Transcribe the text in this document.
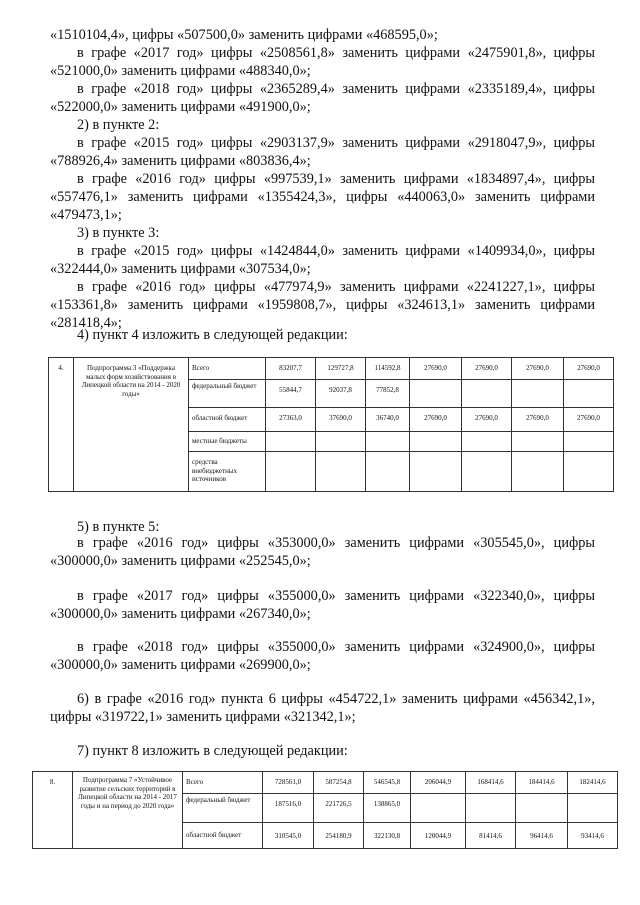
«1510104,4», цифры «507500,0» заменить цифрами «468595,0»;

в графе «2017 год» цифры «2508561,8» заменить цифрами «2475901,8», цифры «521000,0» заменить цифрами «488340,0»;

в графе «2018 год» цифры «2365289,4» заменить цифрами «2335189,4», цифры «522000,0» заменить цифрами «491900,0»;

2) в пункте 2:

в графе «2015 год» цифры «2903137,9» заменить цифрами «2918047,9», цифры «788926,4» заменить цифрами «803836,4»;

в графе «2016 год» цифры «997539,1» заменить цифрами «1834897,4», цифры «557476,1» заменить цифрами «1355424,3», цифры «440063,0» заменить цифрами «479473,1»;

3) в пункте 3:

в графе «2015 год» цифры «1424844,0» заменить цифрами «1409934,0», цифры «322444,0» заменить цифрами «307534,0»;

в графе «2016 год» цифры «477974,9» заменить цифрами «2241227,1», цифры «153361,8» заменить цифрами «1959808,7», цифры «324613,1» заменить цифрами «281418,4»;

4) пункт 4 изложить в следующей редакции:

4.	Подпрограмма 3 «Поддержка малых форм хозяйствования в Липецкой области на 2014 - 2020 годы»	Всего	83207,7	129727,8	114592,8	27690,0	27690,0	27690,0	27690,0
		федеральный бюджет	55844,7	92037,8	77852,8				
		областной бюджет	27363,0	37690,0	36740,0	27690,0	27690,0	27690,0	27690,0
		местные бюджеты							
		средства внебюджетных источников							

5) в пункте 5:

в графе «2016 год» цифры «353000,0» заменить цифрами «305545,0», цифры «300000,0» заменить цифрами «252545,0»;

в графе «2017 год» цифры «355000,0» заменить цифрами «322340,0», цифры «300000,0» заменить цифрами «267340,0»;

в графе «2018 год» цифры «355000,0» заменить цифрами «324900,0», цифры «300000,0» заменить цифрами «269900,0»;

6) в графе «2016 год» пункта 6 цифры «454722,1» заменить цифрами «456342,1», цифры «319722,1» заменить цифрами «321342,1»;

7) пункт 8 изложить в следующей редакции:

8.	Подпрограмма 7 «Устойчивое развитие сельских территорий в Липецкой области на 2014 - 2017 годы и на период до 2020 года»	Всего	728561,0	587254,8	546545,8	206044,9	168414,6	184414,6	182414,6
		федеральный бюджет	187516,0	221726,5	138865,0				
		областной бюджет	310545,0	254180,9	322130,8	120044,9	81414,6	96414,6	93414,6
